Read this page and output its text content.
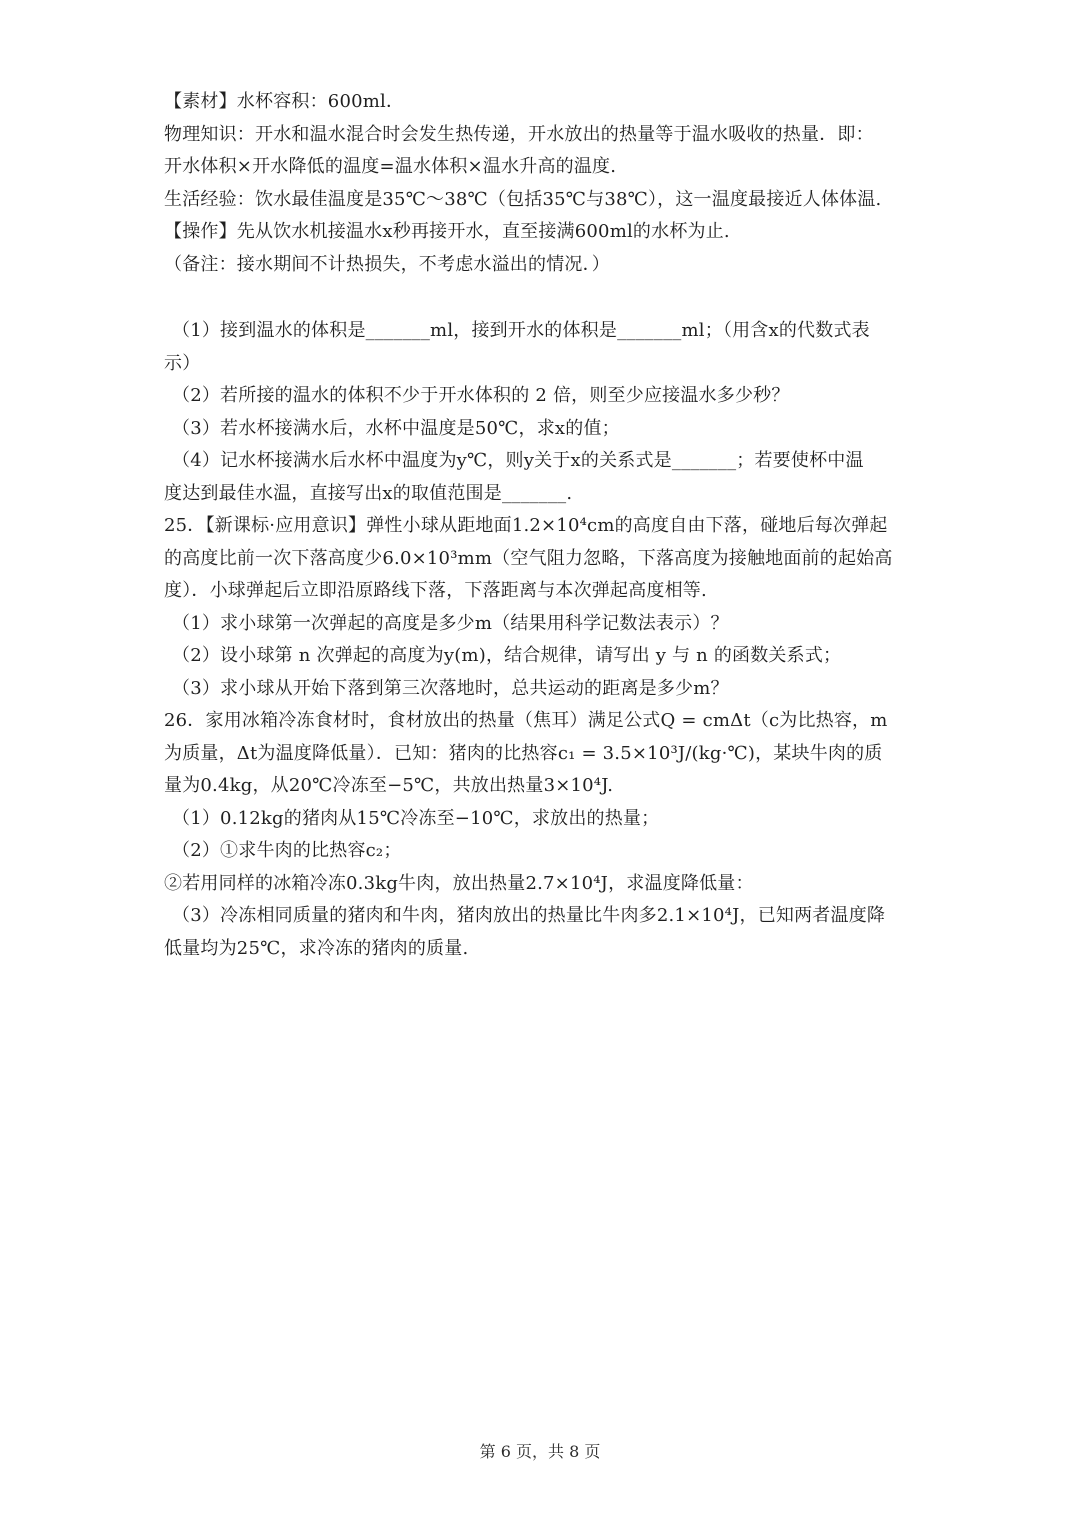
【素材】水杯容积：600ml．
物理知识：开水和温水混合时会发生热传递，开水放出的热量等于温水吸收的热量．即：
开水体积×开水降低的温度=温水体积×温水升高的温度.
生活经验：饮水最佳温度是35℃～38℃（包括35℃与38℃），这一温度最接近人体体温.
【操作】先从饮水机接温水x秒再接开水，直至接满600ml的水杯为止.
（备注：接水期间不计热损失，不考虑水溢出的情况．）
（1）接到温水的体积是_______ml，接到开水的体积是_______ml；（用含x的代数式表
示）
（2）若所接的温水的体积不少于开水体积的 2 倍，则至少应接温水多少秒？
（3）若水杯接满水后，水杯中温度是50℃，求x的值；
（4）记水杯接满水后水杯中温度为y℃，则y关于x的关系式是_______；若要使杯中温
度达到最佳水温，直接写出x的取值范围是_______.
25．【新课标·应用意识】弹性小球从距地面1.2×10⁴cm的高度自由下落，碰地后每次弹起
的高度比前一次下落高度少6.0×10³mm（空气阻力忽略，下落高度为接触地面前的起始高
度）．小球弹起后立即沿原路线下落，下落距离与本次弹起高度相等.
（1）求小球第一次弹起的高度是多少m（结果用科学记数法表示）？
（2）设小球第 n 次弹起的高度为y(m)，结合规律，请写出 y 与 n 的函数关系式；
（3）求小球从开始下落到第三次落地时，总共运动的距离是多少m？
26．家用冰箱冷冻食材时，食材放出的热量（焦耳）满足公式Q = cmΔt（c为比热容，m
为质量，Δt为温度降低量）．已知：猪肉的比热容c₁ = 3.5×10³J/(kg·℃)，某块牛肉的质
量为0.4kg，从20℃冷冻至−5℃，共放出热量3×10⁴J.
（1）0.12kg的猪肉从15℃冷冻至−10℃，求放出的热量；
（2）①求牛肉的比热容c₂；
②若用同样的冰箱冷冻0.3kg牛肉，放出热量2.7×10⁴J，求温度降低量：
（3）冷冻相同质量的猪肉和牛肉，猪肉放出的热量比牛肉多2.1×10⁴J，已知两者温度降
低量均为25℃，求冷冻的猪肉的质量.
第 6 页，共 8 页
